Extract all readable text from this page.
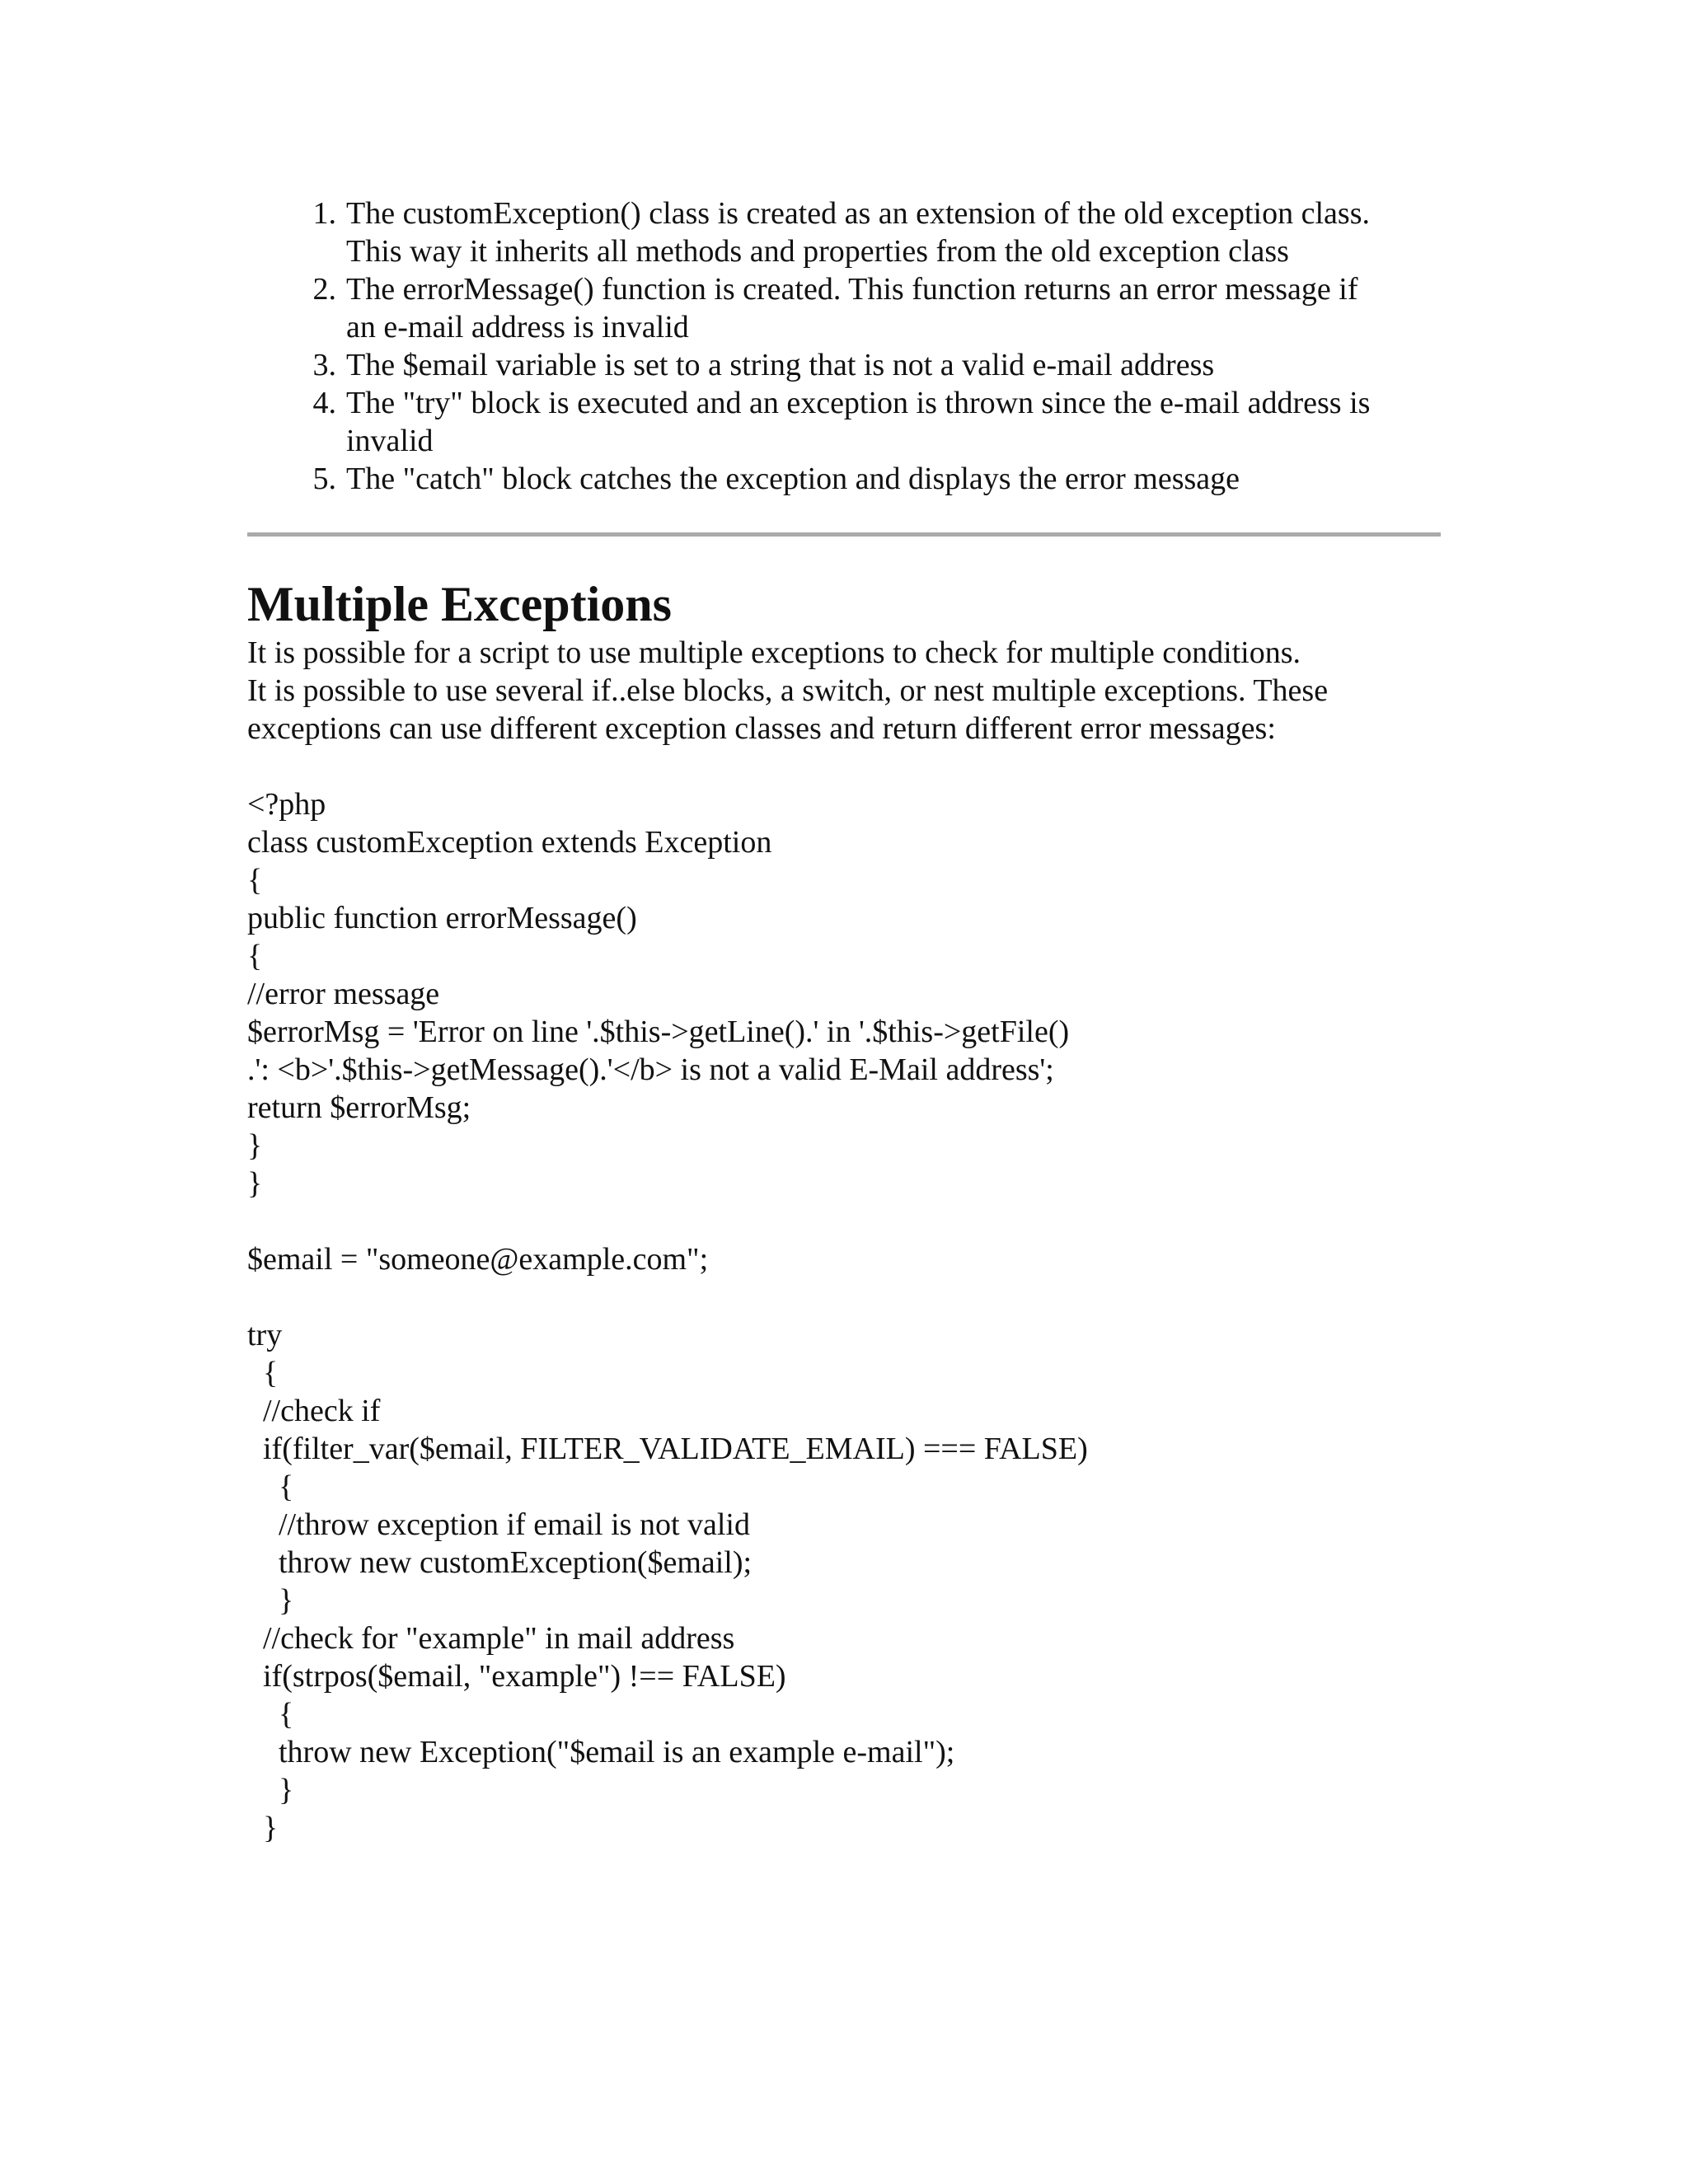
1. The customException() class is created as an extension of the old exception class.
This way it inherits all methods and properties from the old exception class
2. The errorMessage() function is created. This function returns an error message if
an e-mail address is invalid
3. The $email variable is set to a string that is not a valid e-mail address
4. The "try" block is executed and an exception is thrown since the e-mail address is
invalid
5. The "catch" block catches the exception and displays the error message
Multiple Exceptions

It is possible for a script to use multiple exceptions to check for multiple conditions.

It is possible to use several if..else blocks, a switch, or nest multiple exceptions. These
exceptions can use different exception classes and return different error messages:

<?php
class customException extends Exception
{
public function errorMessage()
{
//error message
$errorMsg = 'Error on line '.$this->getLine().' in '.$this->getFile()
.': <b>'.$this->getMessage().'</b> is not a valid E-Mail address';
return $errorMsg;
}
}
$email = "someone@example.com";
try
{
//check if
if(filter_var($email, FILTER_VALIDATE_EMAIL) === FALSE)
{
//throw exception if email is not valid
throw new customException($email);
}
//check for "example" in mail address
if(strpos($email, "example") !== FALSE)
{
throw new Exception("$email is an example e-mail");
}
}
